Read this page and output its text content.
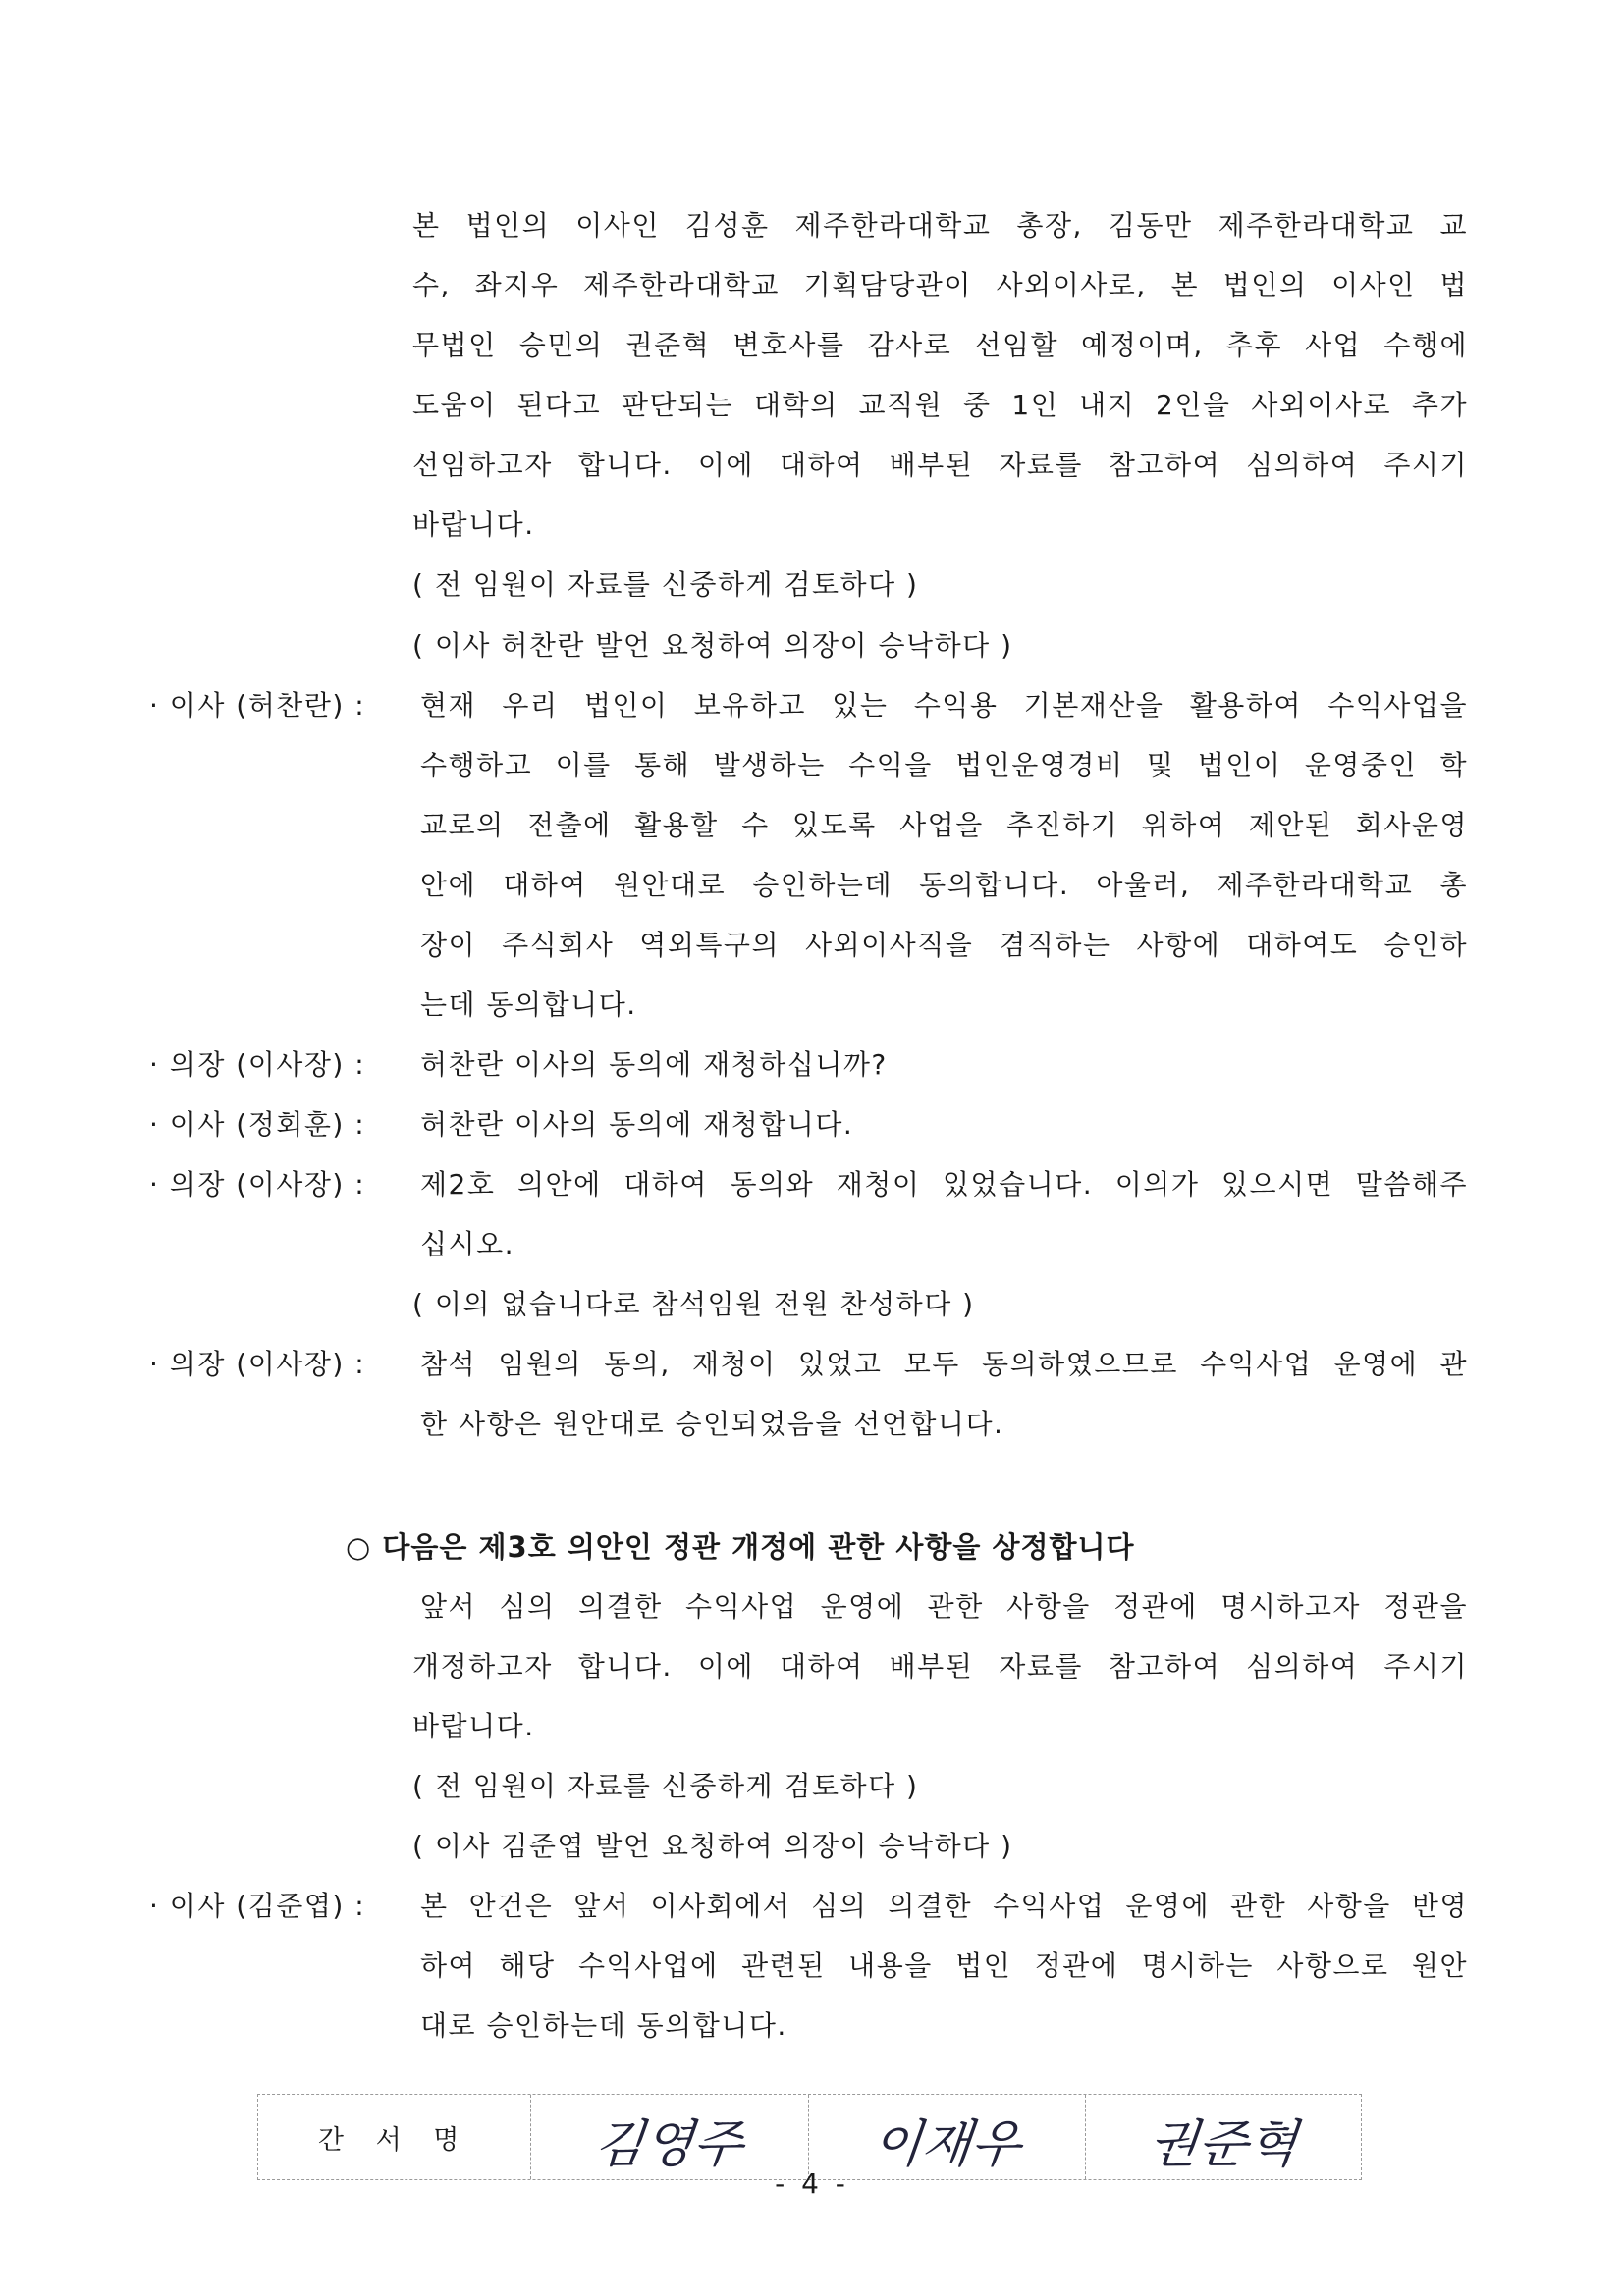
본 법인의 이사인 김성훈 제주한라대학교 총장, 김동만 제주한라대학교 교
수, 좌지우 제주한라대학교 기획담당관이 사외이사로, 본 법인의 이사인 법
무법인 승민의 권준혁 변호사를 감사로 선임할 예정이며, 추후 사업 수행에
도움이 된다고 판단되는 대학의 교직원 중 1인 내지 2인을 사외이사로 추가
선임하고자 합니다. 이에 대하여 배부된 자료를 참고하여 심의하여 주시기
바랍니다.
( 전 임원이 자료를 신중하게 검토하다 )
( 이사 허찬란 발언 요청하여 의장이 승낙하다 )
· 이사 (허찬란) : 현재 우리 법인이 보유하고 있는 수익용 기본재산을 활용하여 수익사업을
수행하고 이를 통해 발생하는 수익을 법인운영경비 및 법인이 운영중인 학
교로의 전출에 활용할 수 있도록 사업을 추진하기 위하여 제안된 회사운영
안에 대하여 원안대로 승인하는데 동의합니다. 아울러, 제주한라대학교 총
장이 주식회사 역외특구의 사외이사직을 겸직하는 사항에 대하여도 승인하
는데 동의합니다.
· 의장 (이사장) : 허찬란 이사의 동의에 재청하십니까?
· 이사 (정회훈) : 허찬란 이사의 동의에 재청합니다.
· 의장 (이사장) : 제2호 의안에 대하여 동의와 재청이 있었습니다. 이의가 있으시면 말씀해주
십시오.
( 이의 없습니다로 참석임원 전원 찬성하다 )
· 의장 (이사장) : 참석 임원의 동의, 재청이 있었고 모두 동의하였으므로 수익사업 운영에 관
한 사항은 원안대로 승인되었음을 선언합니다.
○ 다음은 제3호 의안인 정관 개정에 관한 사항을 상정합니다
앞서 심의 의결한 수익사업 운영에 관한 사항을 정관에 명시하고자 정관을
개정하고자 합니다. 이에 대하여 배부된 자료를 참고하여 심의하여 주시기
바랍니다.
( 전 임원이 자료를 신중하게 검토하다 )
( 이사 김준엽 발언 요청하여 의장이 승낙하다 )
· 이사 (김준엽) : 본 안건은 앞서 이사회에서 심의 의결한 수익사업 운영에 관한 사항을 반영
하여 해당 수익사업에 관련된 내용을 법인 정관에 명시하는 사항으로 원안
대로 승인하는데 동의합니다.
간 서 명	김영주	이재우	권준혁
- 4 -
